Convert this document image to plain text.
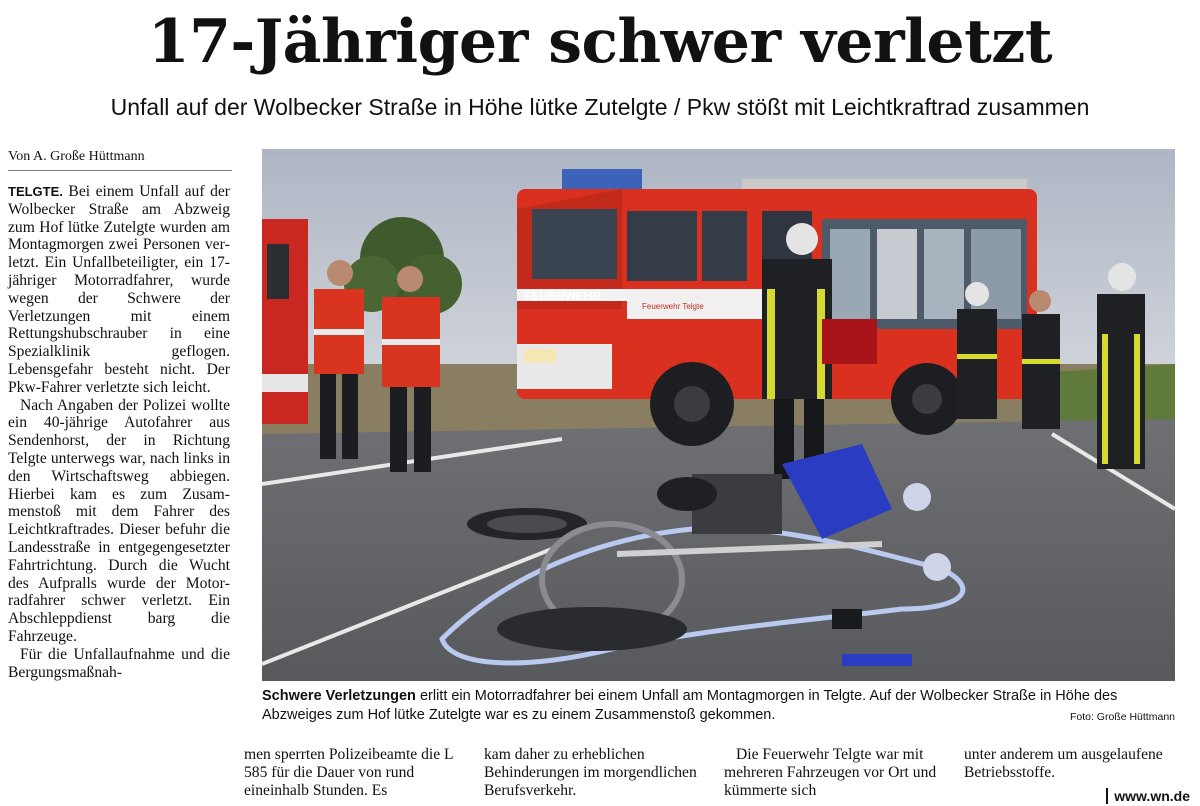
17-Jähriger schwer verletzt
Unfall auf der Wolbecker Straße in Höhe lütke Zutelgte / Pkw stößt mit Leichtkraftrad zusammen
Von A. Große Hüttmann

TELGTE. Bei einem Unfall auf der Wolbecker Straße am Abzweig zum Hof lütke Zutelgte wurden am Montagmorgen zwei Personen verletzt. Ein Unfallbeteiligter, ein 17-jähriger Motorradfahrer, wurde wegen der Schwere der Verletzungen mit einem Rettungshubschrauber in eine Spezialklinik geflogen. Lebensgefahr besteht nicht. Der Pkw-Fahrer verletzte sich leicht.

Nach Angaben der Polizei wollte ein 40-jährige Autofahrer aus Sendenhorst, der in Richtung Telgte unterwegs war, nach links in den Wirtschaftsweg abbiegen. Hierbei kam es zum Zusammenstoß mit dem Fahrer des Leichtkraftrades. Dieser befuhr die Landesstraße in entgegengesetzter Fahrtrichtung. Durch die Wucht des Aufpralls wurde der Motorradfahrer schwer verletzt. Ein Abschleppdienst barg die Fahrzeuge.

Für die Unfallaufnahme und die Bergungsmaßnah-

FEUERWEHR
Feuerwehr Telgte
Schwere Verletzungen erlitt ein Motorradfahrer bei einem Unfall am Montagmorgen in Telgte. Auf der Wolbecker Straße in Höhe des Abzweiges zum Hof lütke Zutelgte war es zu einem Zusammenstoß gekommen.	Foto: Große Hüttmann

men sperrten Polizeibeamte die L 585 für die Dauer von rund eineinhalb Stunden. Es

kam daher zu erheblichen Behinderungen im morgendlichen Berufsverkehr.

Die Feuerwehr Telgte war mit mehreren Fahrzeugen vor Ort und kümmerte sich

unter anderem um ausgelaufene Betriebsstoffe.

www.wn.de
